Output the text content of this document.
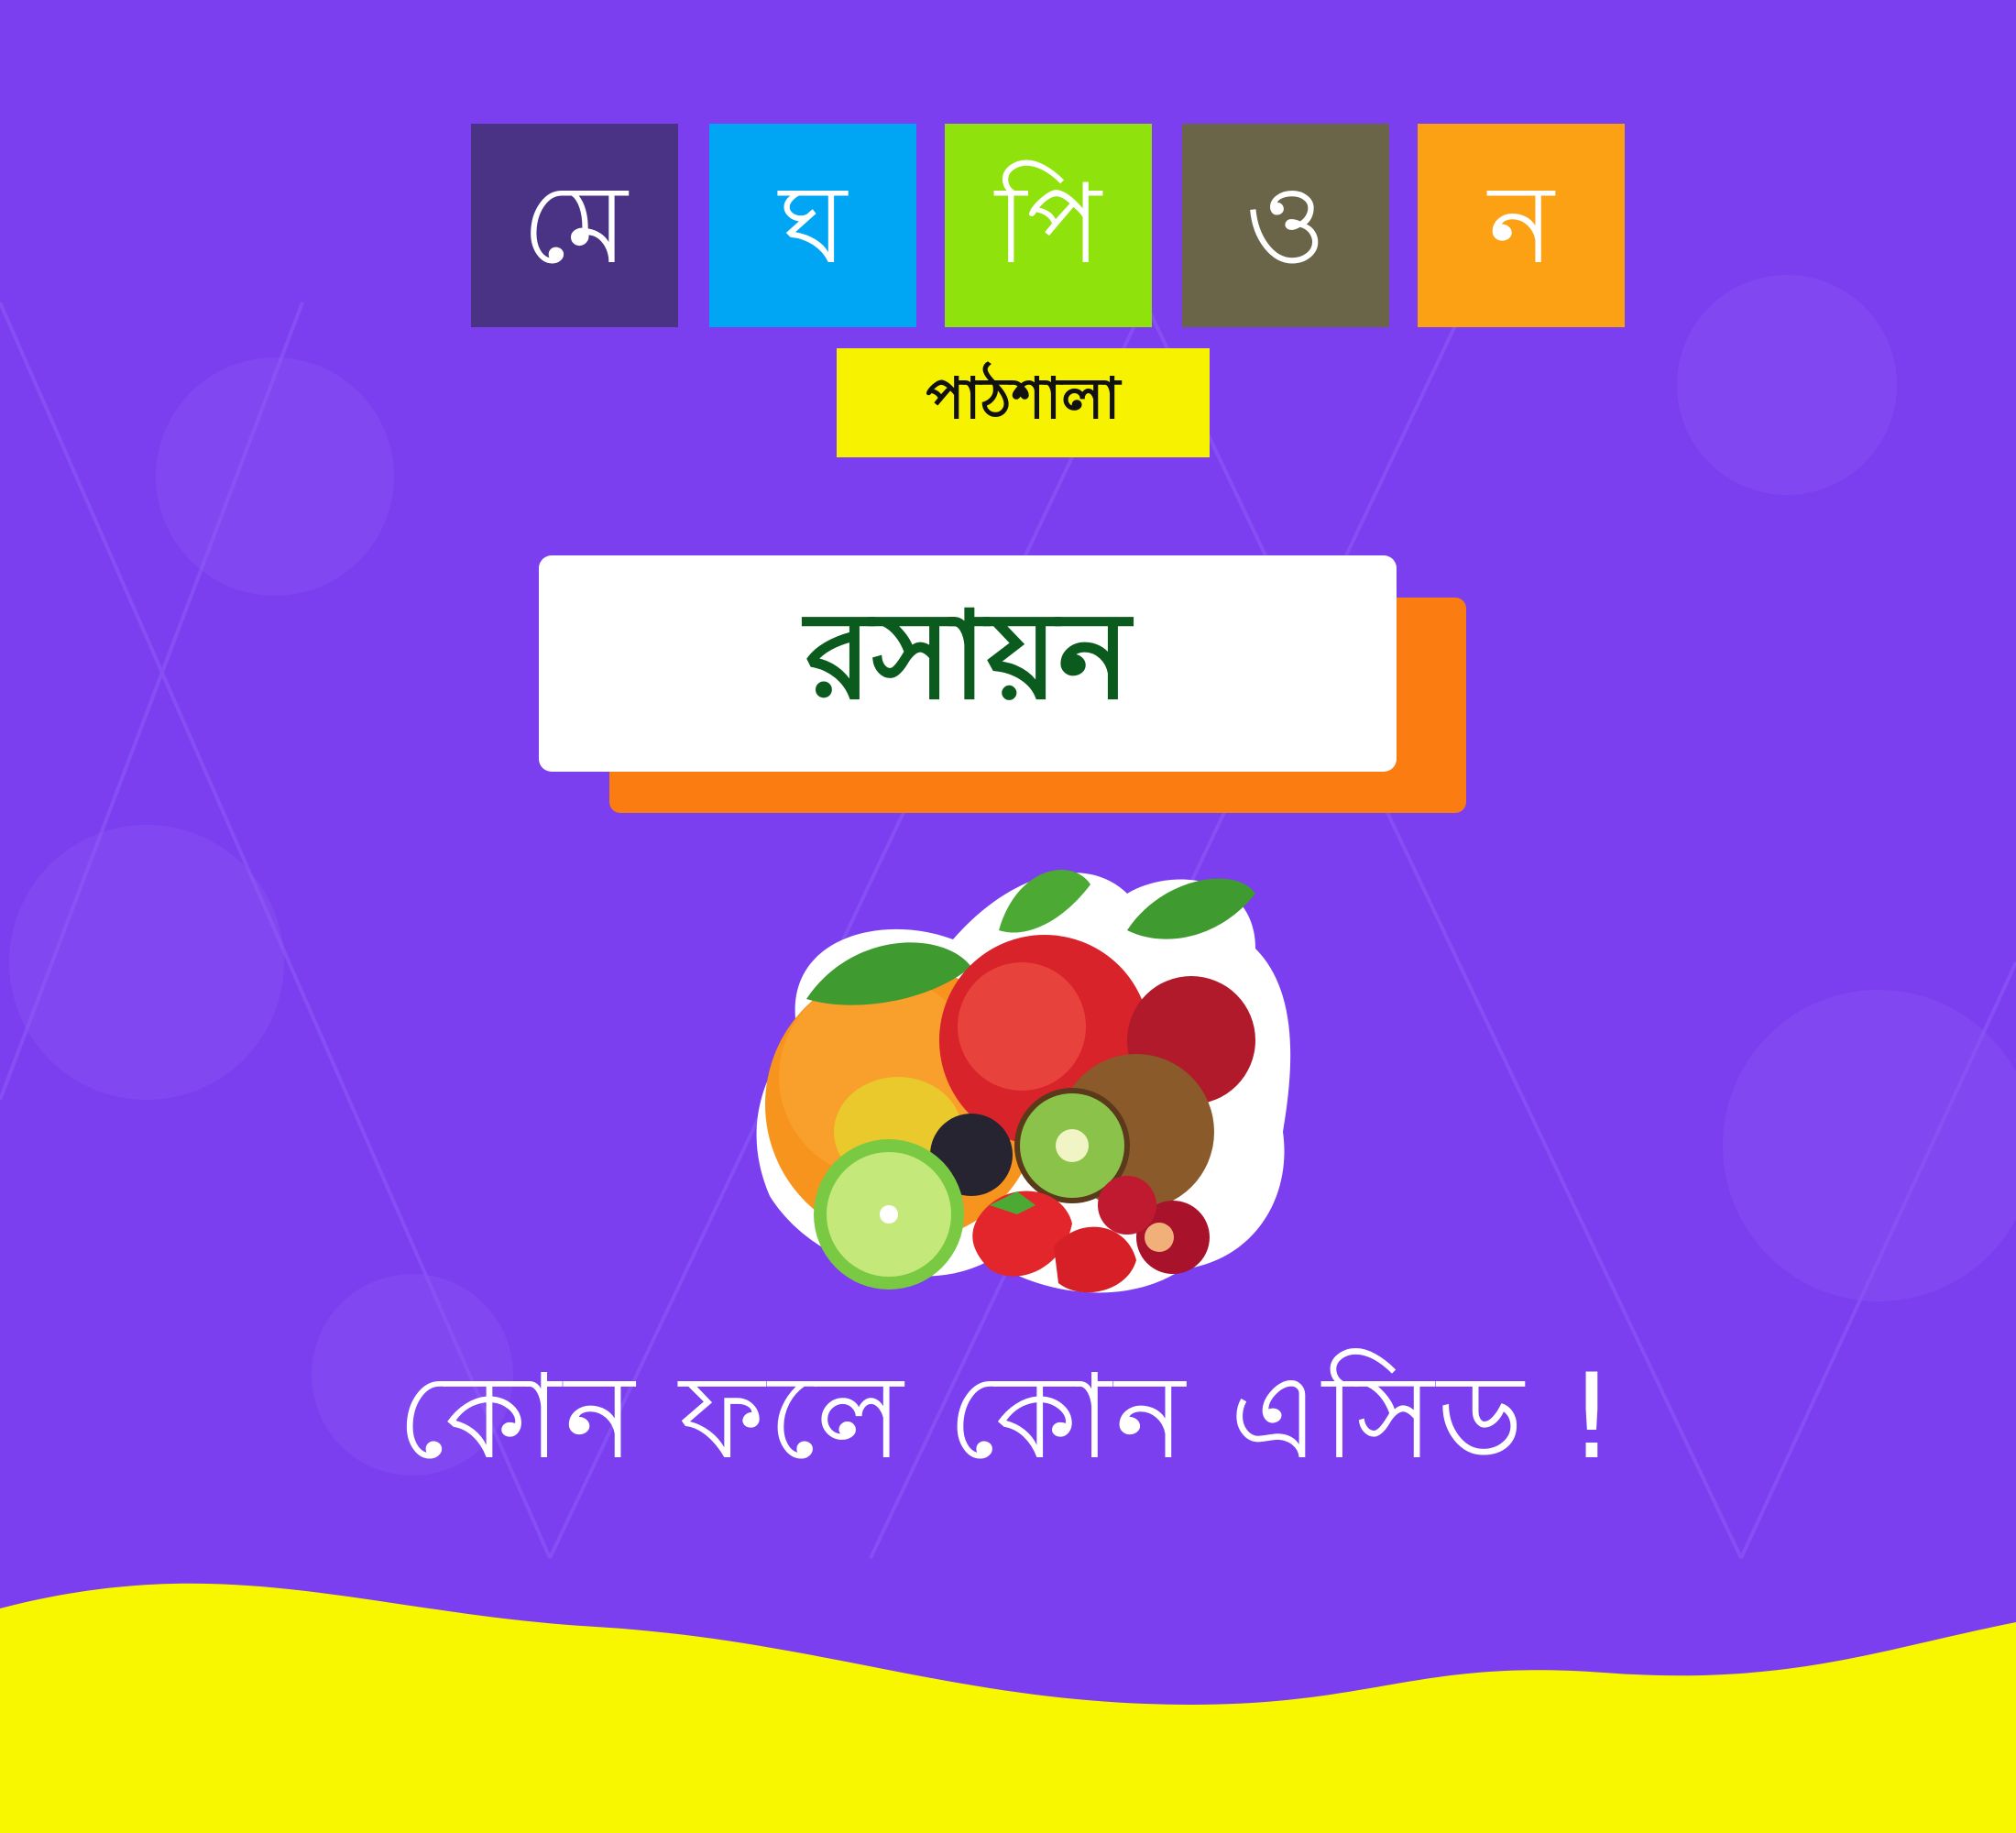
মে ঘ পি ও ন
পাঠশালা
রসায়ন
কোন ফলে কোন এসিড !
